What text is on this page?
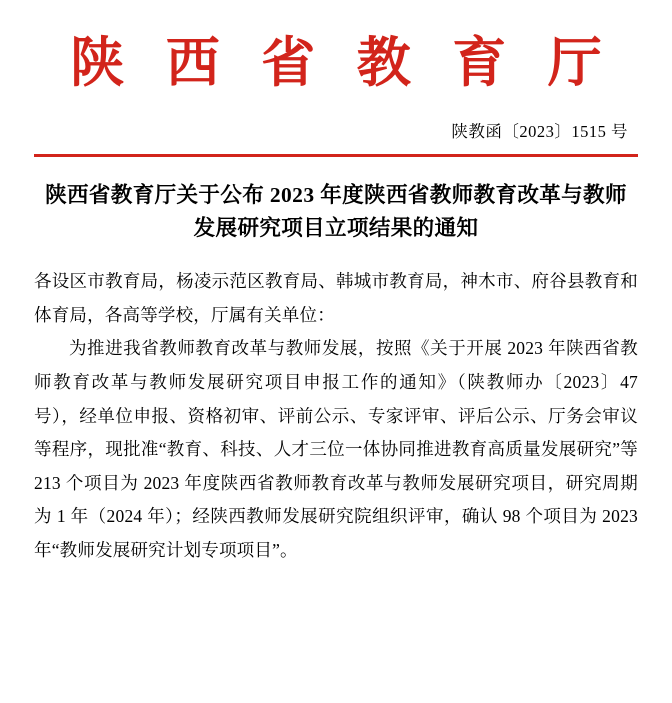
陕 西 省 教 育 厅
陕教函〔2023〕1515 号
陕西省教育厅关于公布 2023 年度陕西省教师教育改革与教师发展研究项目立项结果的通知

各设区市教育局，杨凌示范区教育局、韩城市教育局，神木市、府谷县教育和体育局，各高等学校，厅属有关单位：

为推进我省教师教育改革与教师发展，按照《关于开展 2023 年陕西省教师教育改革与教师发展研究项目申报工作的通知》（陕教师办〔2023〕47 号），经单位申报、资格初审、评前公示、专家评审、评后公示、厅务会审议等程序，现批准“教育、科技、人才三位一体协同推进教育高质量发展研究”等 213 个项目为 2023 年度陕西省教师教育改革与教师发展研究项目，研究周期为 1 年（2024 年）；经陕西教师发展研究院组织评审，确认 98 个项目为 2023 年“教师发展研究计划专项项目”。
